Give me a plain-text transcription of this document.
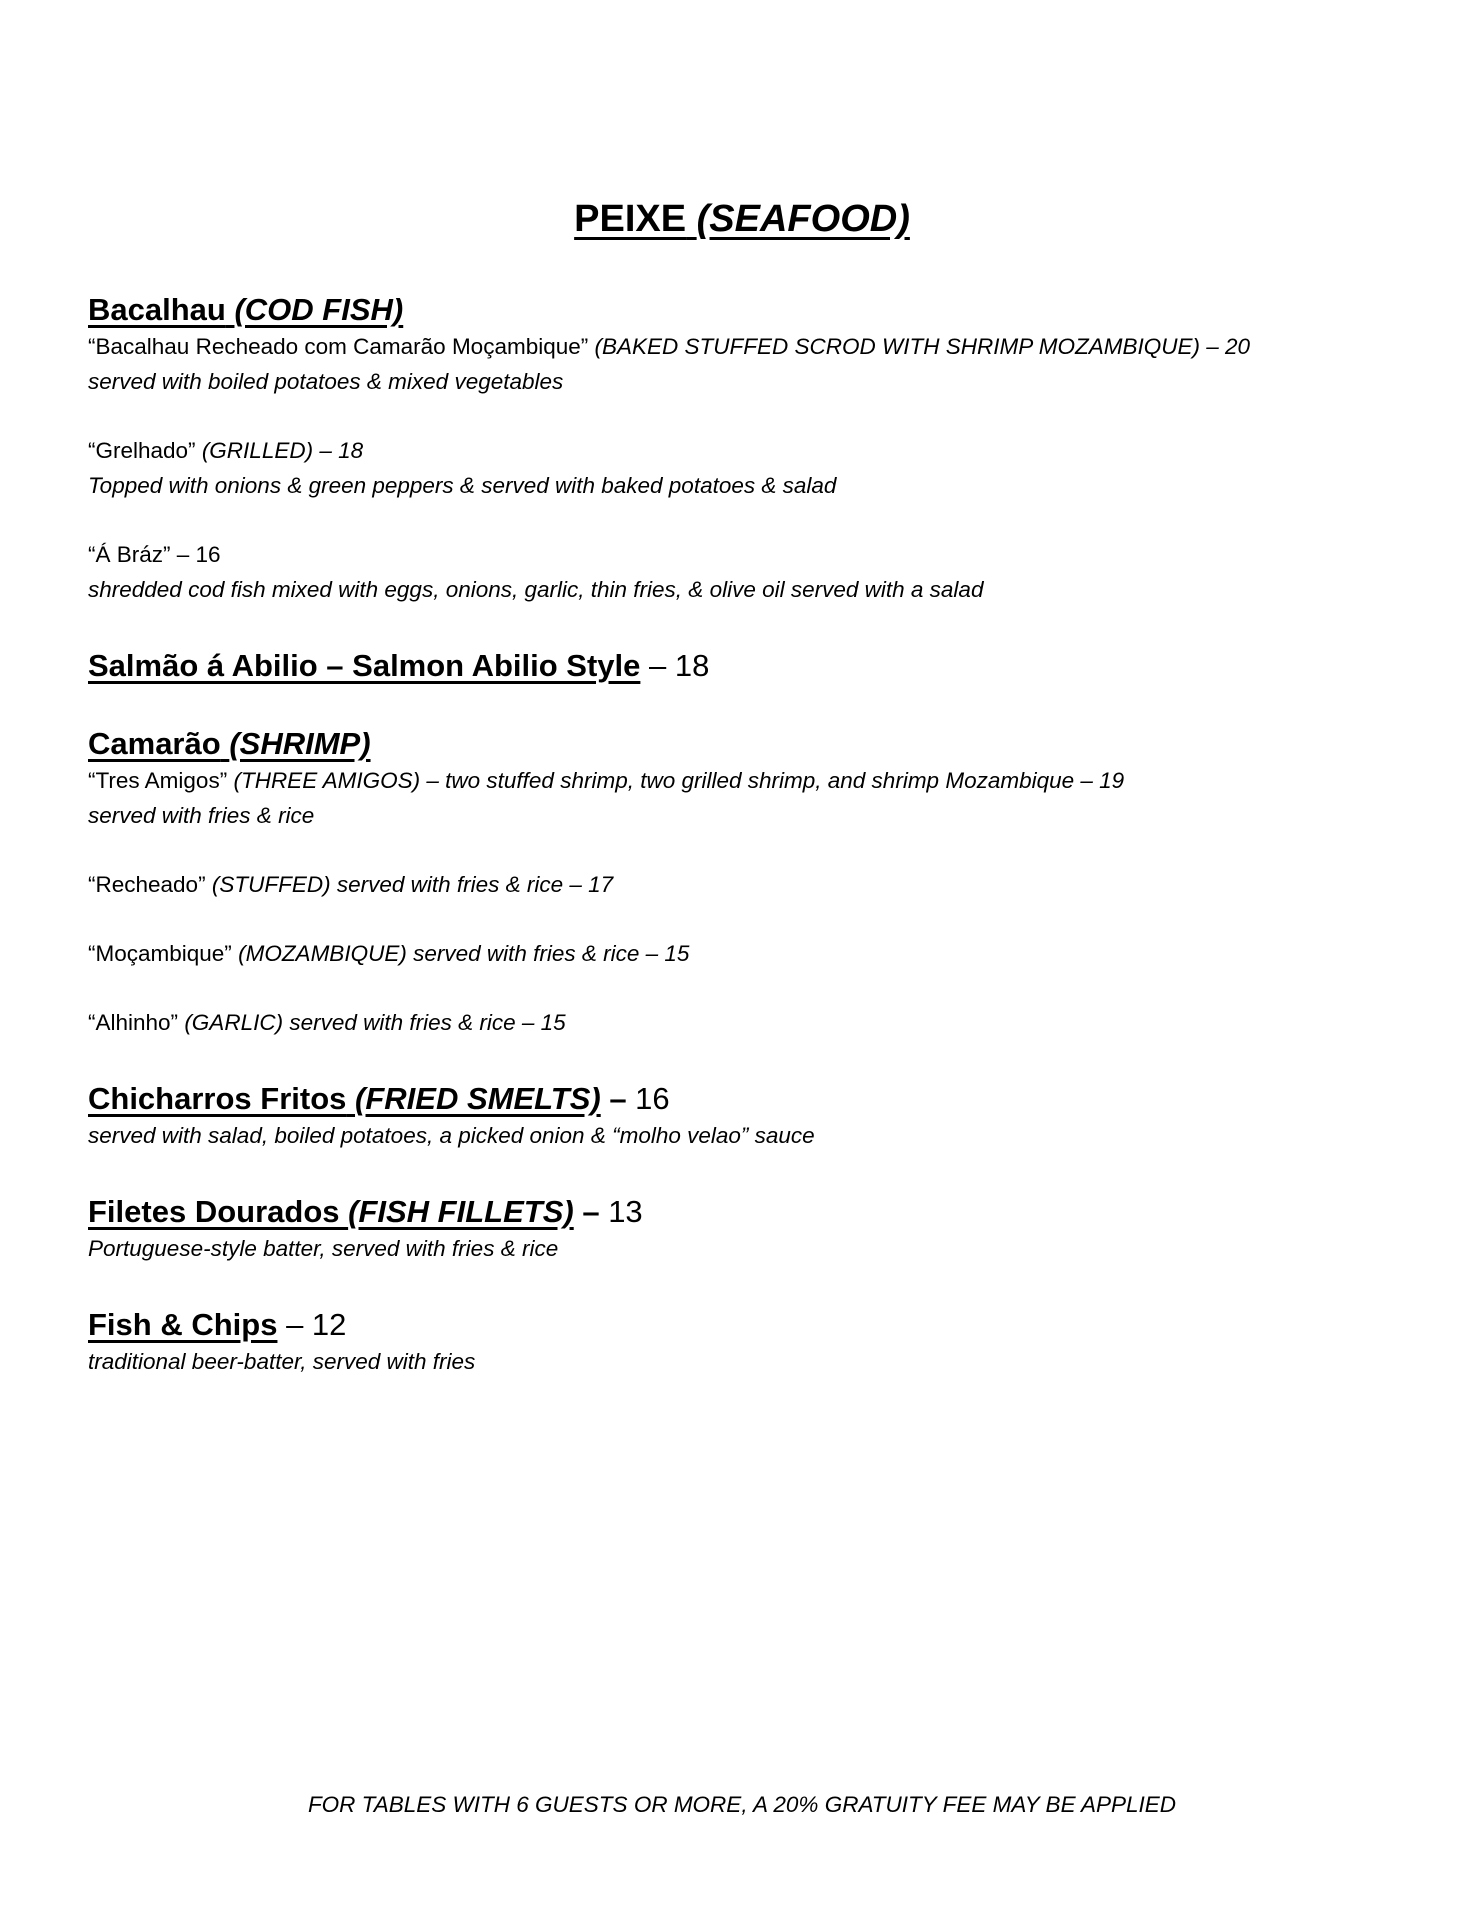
PEIXE (SEAFOOD)
Bacalhau (COD FISH)

“Bacalhau Recheado com Camarão Moçambique” (BAKED STUFFED SCROD WITH SHRIMP MOZAMBIQUE) – 20

served with boiled potatoes & mixed vegetables

“Grelhado” (GRILLED) – 18

Topped with onions & green peppers & served with baked potatoes & salad

“Á Bráz” – 16

shredded cod fish mixed with eggs, onions, garlic, thin fries, & olive oil served with a salad

Salmão á Abilio – Salmon Abilio Style – 18
Camarão (SHRIMP)

“Tres Amigos” (THREE AMIGOS) – two stuffed shrimp, two grilled shrimp, and shrimp Mozambique – 19

served with fries & rice

“Recheado” (STUFFED) served with fries & rice – 17

“Moçambique” (MOZAMBIQUE) served with fries & rice – 15

“Alhinho” (GARLIC) served with fries & rice – 15

Chicharros Fritos (FRIED SMELTS) – 16

served with salad, boiled potatoes, a picked onion & “molho velao” sauce

Filetes Dourados (FISH FILLETS) – 13

Portuguese-style batter, served with fries & rice

Fish & Chips – 12

traditional beer-batter, served with fries

FOR TABLES WITH 6 GUESTS OR MORE, A 20% GRATUITY FEE MAY BE APPLIED
